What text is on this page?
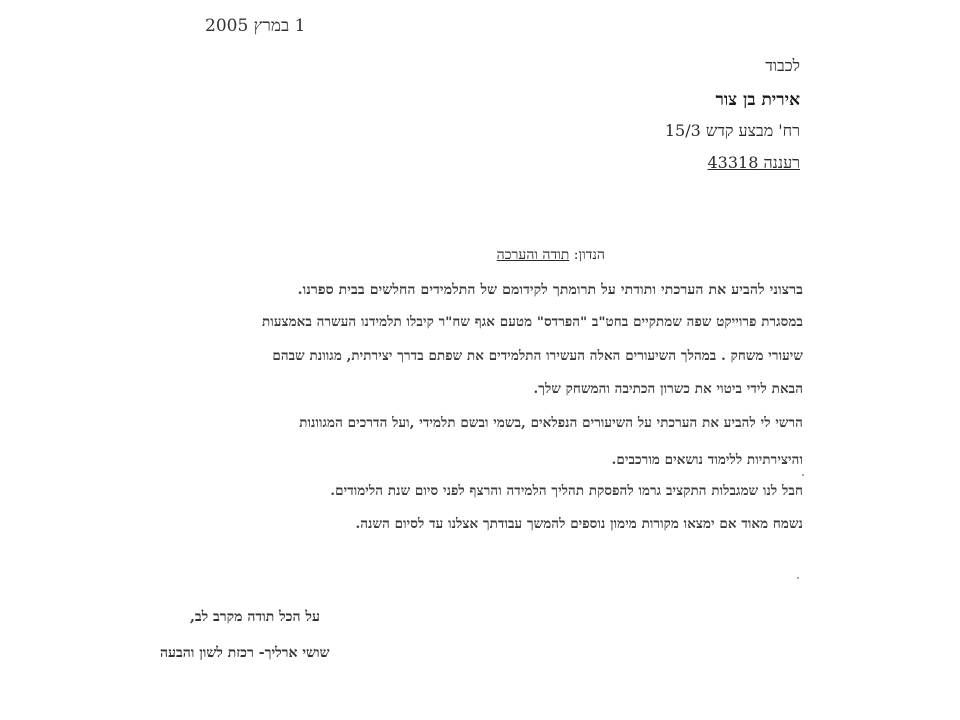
1 במרץ 2005
לכבוד
אירית בן צור
רח' מבצע קדש 15/3
רעננה 43318
הנדון: תודה והערכה
ברצוני להביע את הערכתי ותודתי על תרומתך לקידומם של התלמידים החלשים בבית ספרנו.
במסגרת פרוייקט שפה שמתקיים בחט"ב "הפרדס" מטעם אגף שח"ר קיבלו תלמידנו העשרה באמצעות
שיעורי משחק . במהלך השיעורים האלה העשירו התלמידים את שפתם בדרך יצירתית, מגוונת שבהם
הבאת לידי ביטוי את כשרון הכתיבה והמשחק שלך.
הרשי לי להביע את הערכתי על השיעורים הנפלאים ,בשמי ובשם תלמידי ,ועל הדרכים המגוונות
והיצירתיות ללימוד נושאים מורכבים.
חבל לנו שמגבלות התקציב גרמו להפסקת תהליך הלמידה והרצף לפני סיום שנת הלימודים.
נשמח מאוד אם ימצאו מקורות מימון נוספים להמשך עבודתך אצלנו עד לסיום השנה.
על הכל תודה מקרב לב,
שושי ארליך- רכזת לשון והבעה
